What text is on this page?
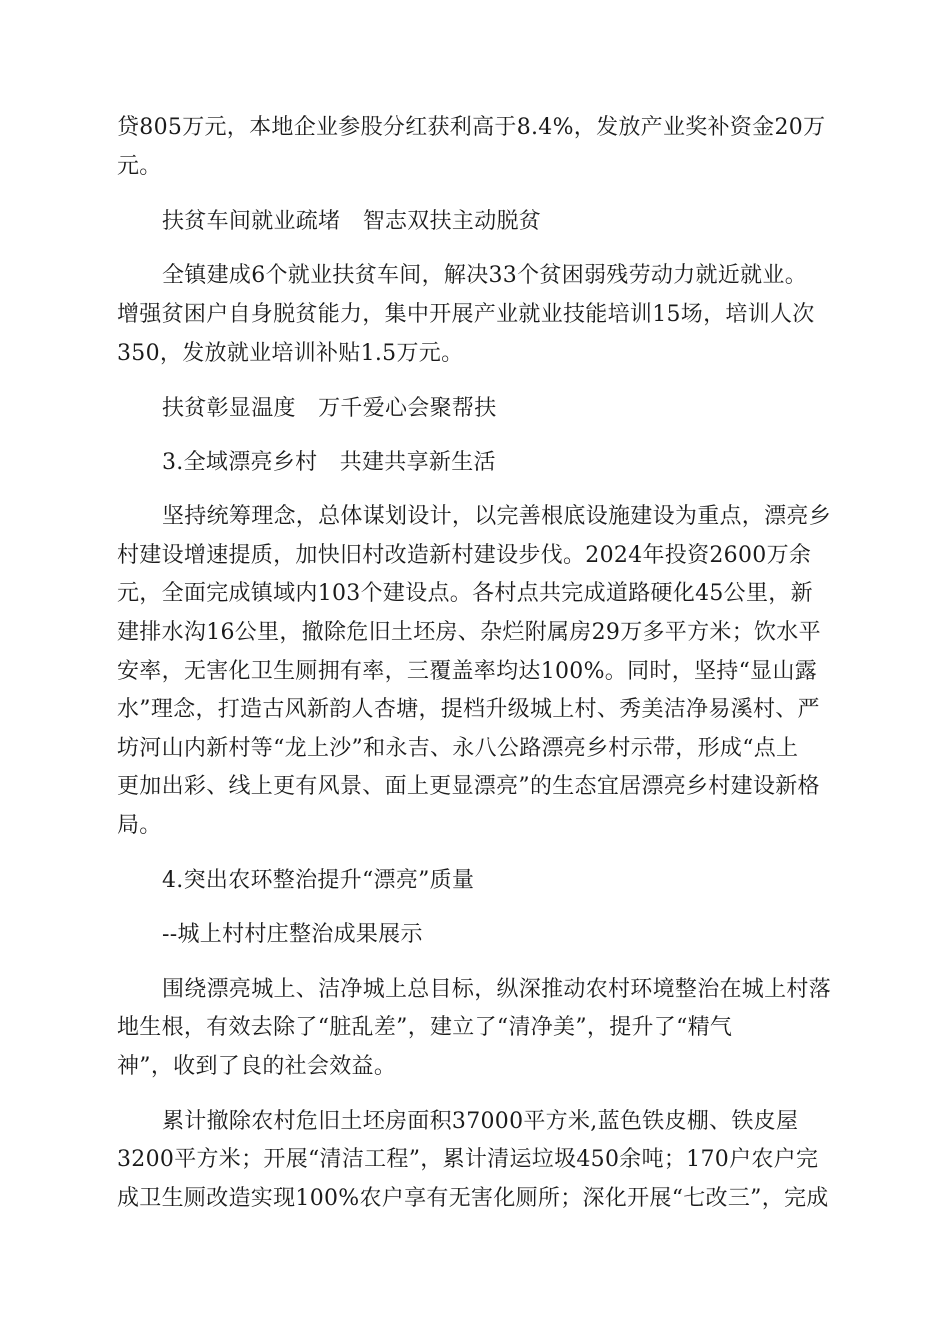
贷805万元，本地企业参股分红获利高于8.4%，发放产业奖补资金20万
元。
扶贫车间就业疏堵　智志双扶主动脱贫
全镇建成6个就业扶贫车间，解决33个贫困弱残劳动力就近就业。
增强贫困户自身脱贫能力，集中开展产业就业技能培训15场，培训人次
350，发放就业培训补贴1.5万元。
扶贫彰显温度　万千爱心会聚帮扶
3.全域漂亮乡村　共建共享新生活
坚持统筹理念，总体谋划设计，以完善根底设施建设为重点，漂亮乡
村建设增速提质，加快旧村改造新村建设步伐。2024年投资2600万余
元，全面完成镇域内103个建设点。各村点共完成道路硬化45公里，新
建排水沟16公里，撤除危旧土坯房、杂烂附属房29万多平方米；饮水平
安率，无害化卫生厕拥有率，三覆盖率均达100%。同时，坚持“显山露
水”理念，打造古风新韵人杏塘，提档升级城上村、秀美洁净易溪村、严
坊河山内新村等“龙上沙”和永吉、永八公路漂亮乡村示带，形成“点上
更加出彩、线上更有风景、面上更显漂亮”的生态宜居漂亮乡村建设新格
局。
4.突出农环整治提升“漂亮”质量
--城上村村庄整治成果展示
围绕漂亮城上、洁净城上总目标，纵深推动农村环境整治在城上村落
地生根，有效去除了“脏乱差”，建立了“清净美”，提升了“精气
神”，收到了良的社会效益。
累计撤除农村危旧土坯房面积37000平方米,蓝色铁皮棚、铁皮屋
3200平方米；开展“清洁工程”，累计清运垃圾450余吨；170户农户完
成卫生厕改造实现100%农户享有无害化厕所；深化开展“七改三”，完成
